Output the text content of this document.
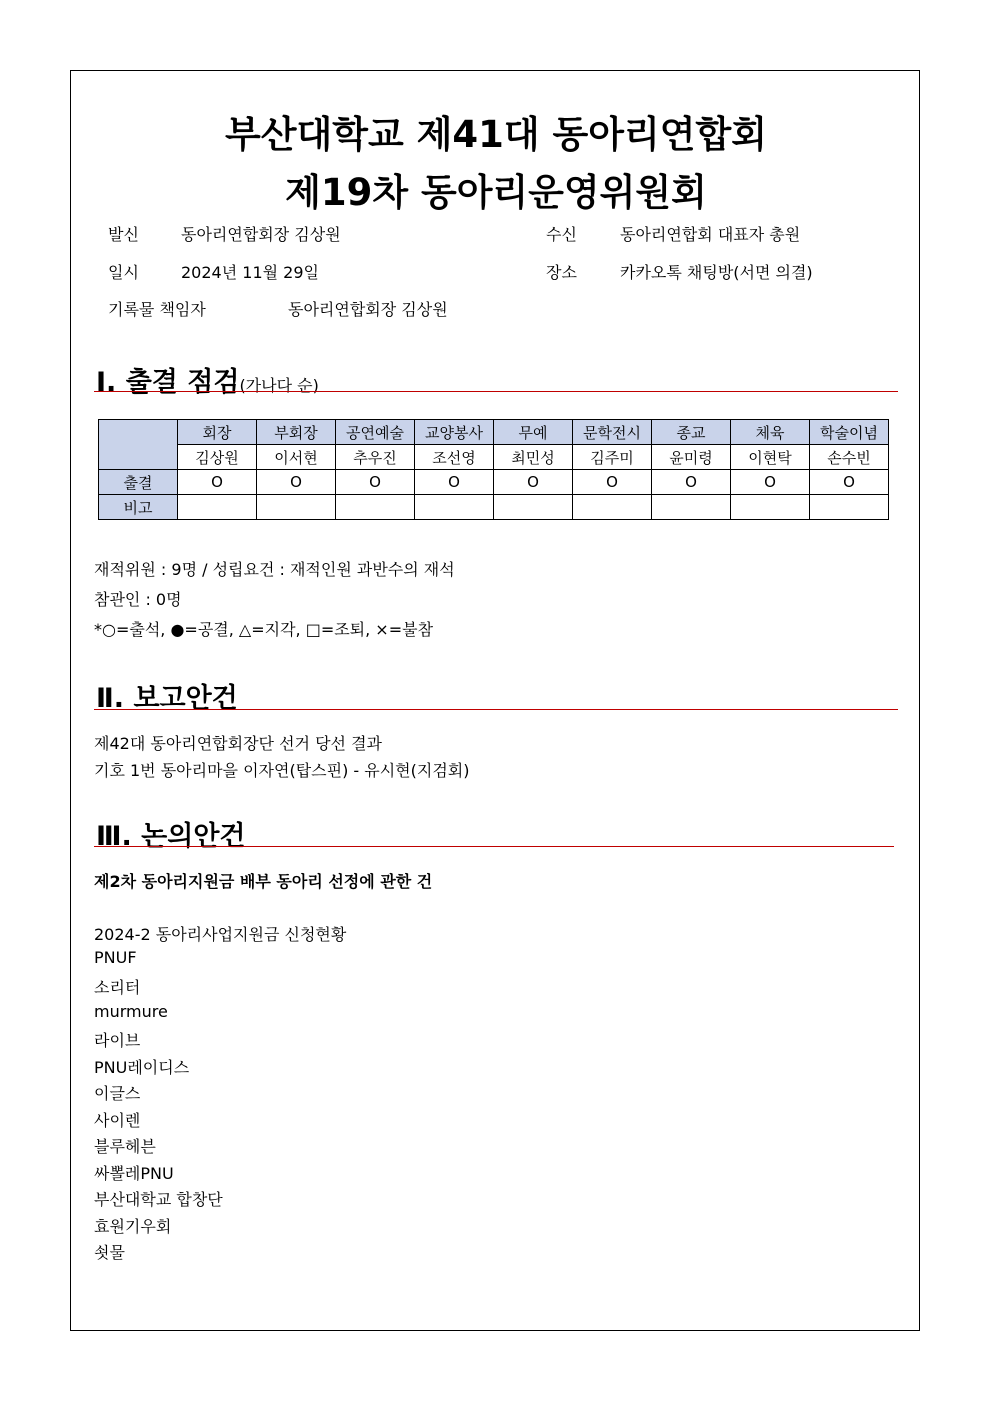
부산대학교 제41대 동아리연합회
제19차 동아리운영위원회
발신	동아리연합회장 김상원	수신	동아리연합회 대표자 총원
일시	2024년 11월 29일	장소	카카오톡 채팅방(서면 의결)
기록물 책임자	동아리연합회장 김상원
Ⅰ. 출결 점검(가나다 순)
	회장	부회장	공연예술	교양봉사	무예	문학전시	종교	체육	학술이념
	김상원	이서현	추우진	조선영	최민성	김주미	윤미령	이현탁	손수빈
출결	O	O	O	O	O	O	O	O	O
비고									
재적위원 : 9명 / 성립요건 : 재적인원 과반수의 재석
참관인 : 0명
*○=출석, ●=공결, △=지각, □=조퇴, ×=불참
Ⅱ. 보고안건
제42대 동아리연합회장단 선거 당선 결과
기호 1번 동아리마을 이자연(탑스핀) - 유시현(지검회)
Ⅲ. 논의안건
제2차 동아리지원금 배부 동아리 선정에 관한 건
2024-2 동아리사업지원금 신청현황
PNUF
소리터
murmure
라이브
PNU레이디스
이글스
사이렌
블루헤븐
싸뽈레PNU
부산대학교 합창단
효원기우회
쇳물
